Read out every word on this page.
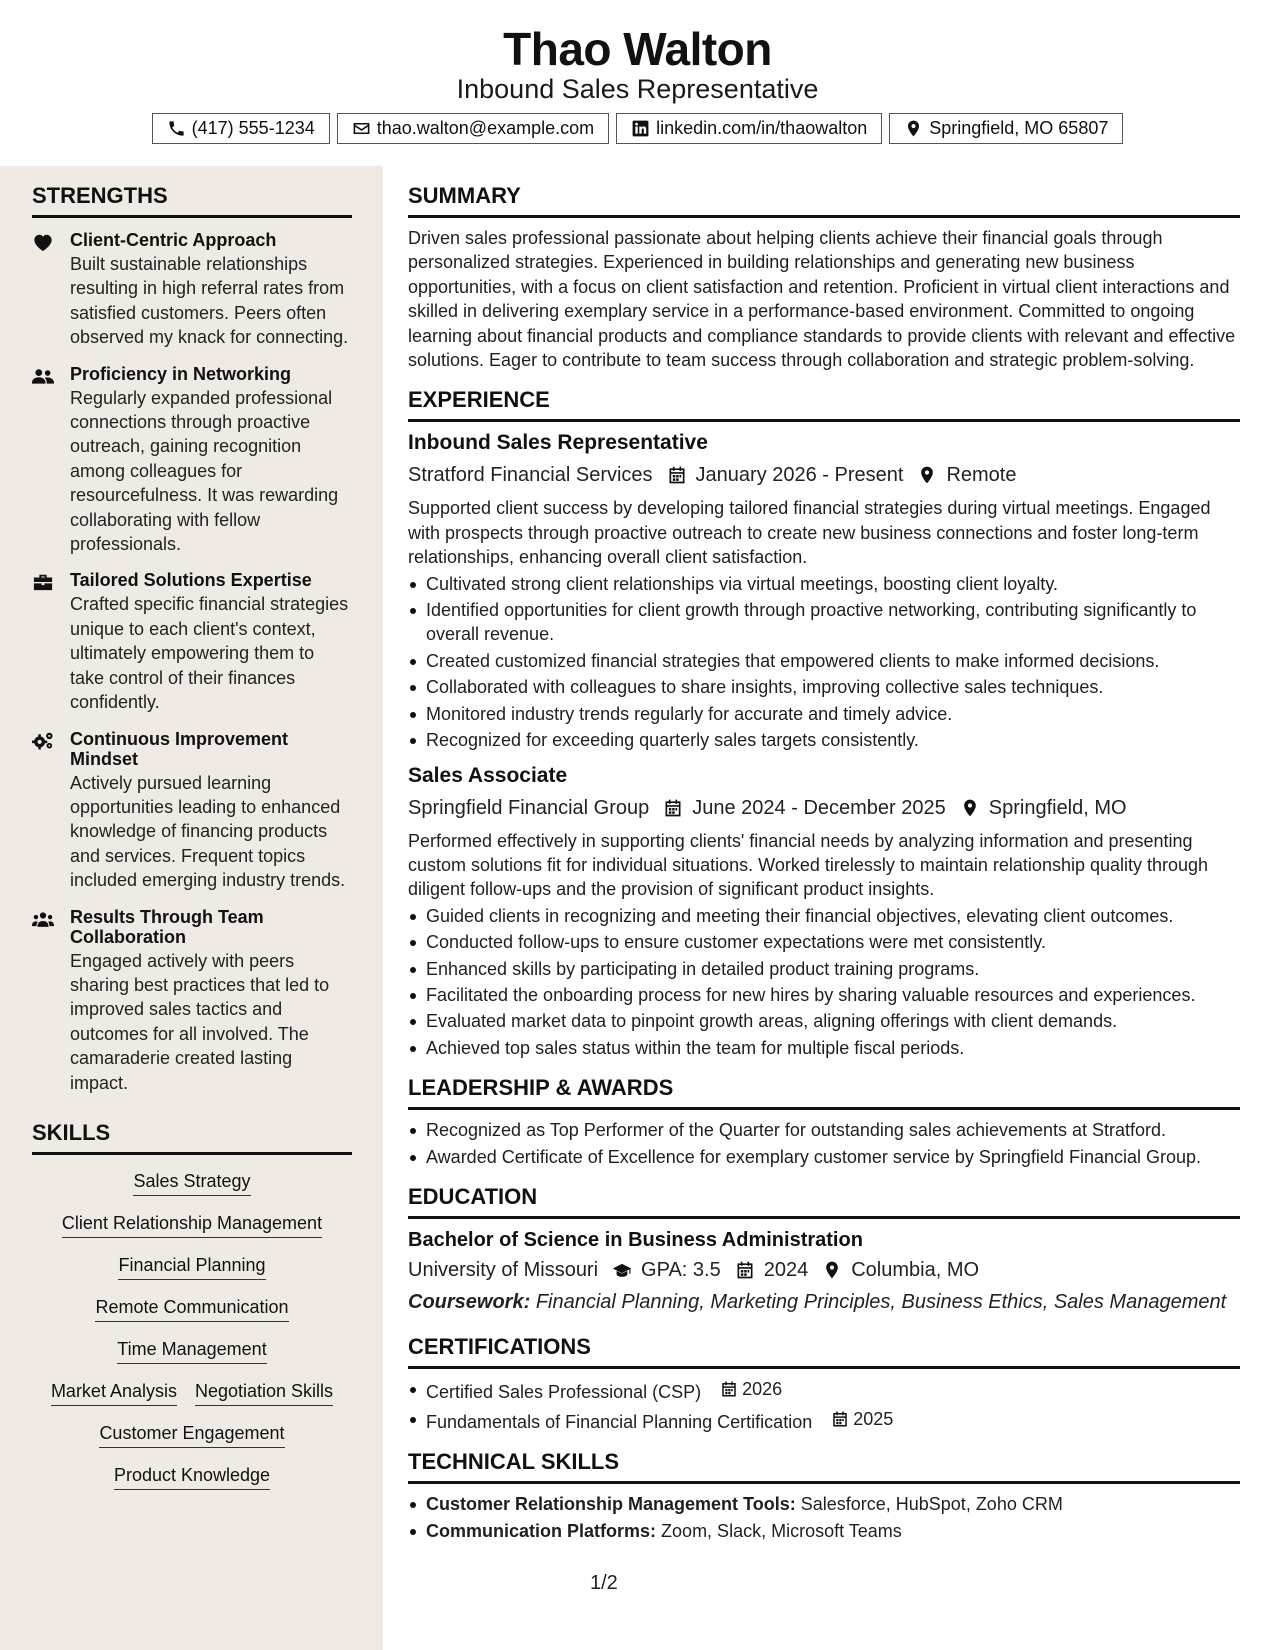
Thao Walton
Inbound Sales Representative
(417) 555-1234	thao.walton@example.com	linkedin.com/in/thaowalton	Springfield, MO 65807
STRENGTHS
Client-Centric Approach
Built sustainable relationships resulting in high referral rates from satisfied customers. Peers often observed my knack for connecting.
Proficiency in Networking
Regularly expanded professional connections through proactive outreach, gaining recognition among colleagues for resourcefulness. It was rewarding collaborating with fellow professionals.
Tailored Solutions Expertise
Crafted specific financial strategies unique to each client's context, ultimately empowering them to take control of their finances confidently.
Continuous Improvement Mindset
Actively pursued learning opportunities leading to enhanced knowledge of financing products and services. Frequent topics included emerging industry trends.
Results Through Team Collaboration
Engaged actively with peers sharing best practices that led to improved sales tactics and outcomes for all involved. The camaraderie created lasting impact.
SKILLS
Sales Strategy
Client Relationship Management
Financial Planning
Remote Communication
Time Management
Market Analysis Negotiation Skills
Customer Engagement
Product Knowledge
SUMMARY
Driven sales professional passionate about helping clients achieve their financial goals through personalized strategies. Experienced in building relationships and generating new business opportunities, with a focus on client satisfaction and retention. Proficient in virtual client interactions and skilled in delivering exemplary service in a performance-based environment. Committed to ongoing learning about financial products and compliance standards to provide clients with relevant and effective solutions. Eager to contribute to team success through collaboration and strategic problem-solving.
EXPERIENCE
Inbound Sales Representative
Stratford Financial Services January 2026 - Present Remote
Supported client success by developing tailored financial strategies during virtual meetings. Engaged with prospects through proactive outreach to create new business connections and foster long-term relationships, enhancing overall client satisfaction.
Cultivated strong client relationships via virtual meetings, boosting client loyalty.
Identified opportunities for client growth through proactive networking, contributing significantly to overall revenue.
Created customized financial strategies that empowered clients to make informed decisions.
Collaborated with colleagues to share insights, improving collective sales techniques.
Monitored industry trends regularly for accurate and timely advice.
Recognized for exceeding quarterly sales targets consistently.
Sales Associate
Springfield Financial Group June 2024 - December 2025 Springfield, MO
Performed effectively in supporting clients' financial needs by analyzing information and presenting custom solutions fit for individual situations. Worked tirelessly to maintain relationship quality through diligent follow-ups and the provision of significant product insights.
Guided clients in recognizing and meeting their financial objectives, elevating client outcomes.
Conducted follow-ups to ensure customer expectations were met consistently.
Enhanced skills by participating in detailed product training programs.
Facilitated the onboarding process for new hires by sharing valuable resources and experiences.
Evaluated market data to pinpoint growth areas, aligning offerings with client demands.
Achieved top sales status within the team for multiple fiscal periods.
LEADERSHIP & AWARDS
Recognized as Top Performer of the Quarter for outstanding sales achievements at Stratford.
Awarded Certificate of Excellence for exemplary customer service by Springfield Financial Group.
EDUCATION
Bachelor of Science in Business Administration
University of Missouri GPA: 3.5 2024 Columbia, MO
Coursework: Financial Planning, Marketing Principles, Business Ethics, Sales Management
CERTIFICATIONS
Certified Sales Professional (CSP) 2026
Fundamentals of Financial Planning Certification 2025
TECHNICAL SKILLS
Customer Relationship Management Tools: Salesforce, HubSpot, Zoho CRM
Communication Platforms: Zoom, Slack, Microsoft Teams
1/2
